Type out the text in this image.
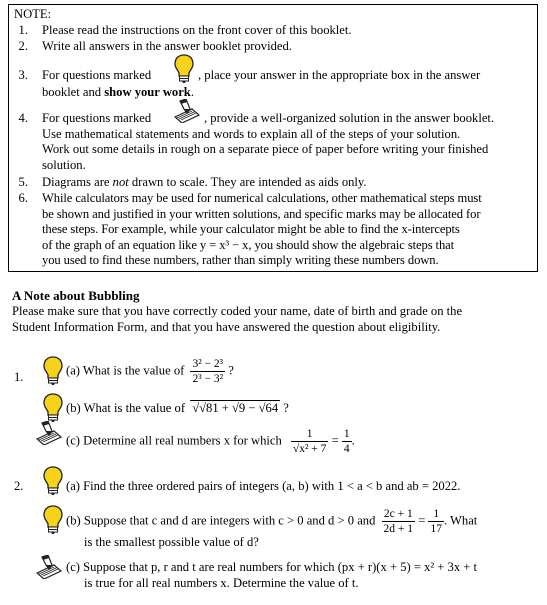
NOTE:
1. Please read the instructions on the front cover of this booklet.
2. Write all answers in the answer booklet provided.
3. For questions marked	, place your answer in the appropriate box in the answer
booklet and show your work.
4. For questions marked	, provide a well-organized solution in the answer booklet.
Use mathematical statements and words to explain all of the steps of your solution.
Work out some details in rough on a separate piece of paper before writing your finished
solution.
5. Diagrams are not drawn to scale. They are intended as aids only.
6. While calculators may be used for numerical calculations, other mathematical steps must
be shown and justified in your written solutions, and specific marks may be allocated for
these steps. For example, while your calculator might be able to find the x-intercepts
of the graph of an equation like y = x³ − x, you should show the algebraic steps that
you used to find these numbers, rather than simply writing these numbers down.
A Note about Bubbling
Please make sure that you have correctly coded your name, date of birth and grade on the
Student Information Form, and that you have answered the question about eligibility.
1.	(a) What is the value of $\frac{\text{3² − 2³}}{\text{2³ − 3²}}$ ?
(b) What is the value of √√81 + √9 − √64 ?
(c) Determine all real numbers x for which $\frac{1}{\text{√x² + 7}} = \frac{1}{4}$ .
2.	(a) Find the three ordered pairs of integers (a, b) with 1 < a < b and ab = 2022.
(b) Suppose that c and d are integers with c > 0 and d > 0 and $\frac{2c + 1}{2d + 1} = \frac{1}{17}$ . What
is the smallest possible value of d?
(c) Suppose that p, r and t are real numbers for which (px + r)(x + 5) = x² + 3x + t
is true for all real numbers x. Determine the value of t.
